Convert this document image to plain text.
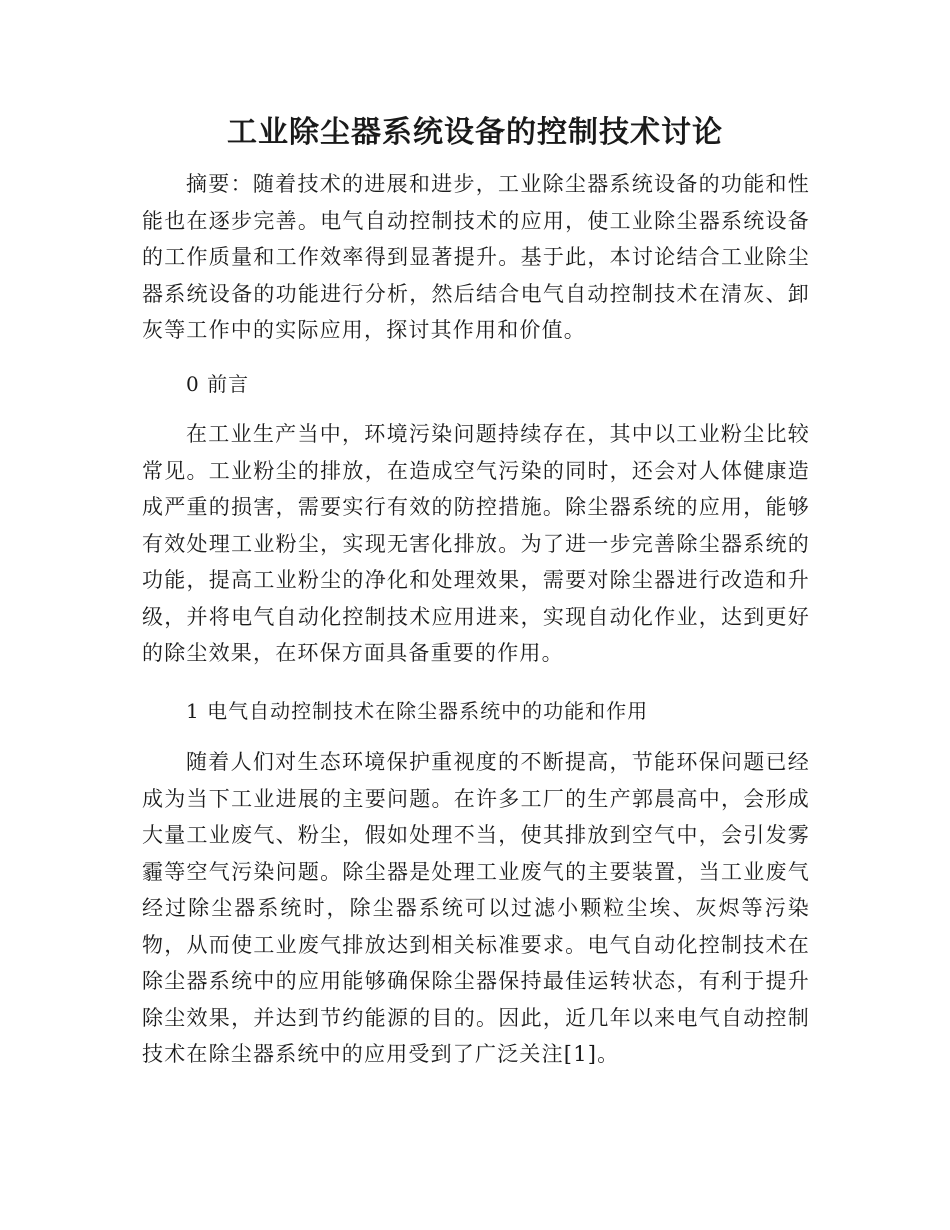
工业除尘器系统设备的控制技术讨论

摘要：随着技术的进展和进步，工业除尘器系统设备的功能和性能也在逐步完善。电气自动控制技术的应用，使工业除尘器系统设备的工作质量和工作效率得到显著提升。基于此，本讨论结合工业除尘器系统设备的功能进行分析，然后结合电气自动控制技术在清灰、卸灰等工作中的实际应用，探讨其作用和价值。

0 前言

在工业生产当中，环境污染问题持续存在，其中以工业粉尘比较常见。工业粉尘的排放，在造成空气污染的同时，还会对人体健康造成严重的损害，需要实行有效的防控措施。除尘器系统的应用，能够有效处理工业粉尘，实现无害化排放。为了进一步完善除尘器系统的功能，提高工业粉尘的净化和处理效果，需要对除尘器进行改造和升级，并将电气自动化控制技术应用进来，实现自动化作业，达到更好的除尘效果，在环保方面具备重要的作用。

1 电气自动控制技术在除尘器系统中的功能和作用

随着人们对生态环境保护重视度的不断提高，节能环保问题已经成为当下工业进展的主要问题。在许多工厂的生产郭晨高中，会形成大量工业废气、粉尘，假如处理不当，使其排放到空气中，会引发雾霾等空气污染问题。除尘器是处理工业废气的主要装置，当工业废气经过除尘器系统时，除尘器系统可以过滤小颗粒尘埃、灰烬等污染物，从而使工业废气排放达到相关标准要求。电气自动化控制技术在除尘器系统中的应用能够确保除尘器保持最佳运转状态，有利于提升除尘效果，并达到节约能源的目的。因此，近几年以来电气自动控制技术在除尘器系统中的应用受到了广泛关注[1]。
